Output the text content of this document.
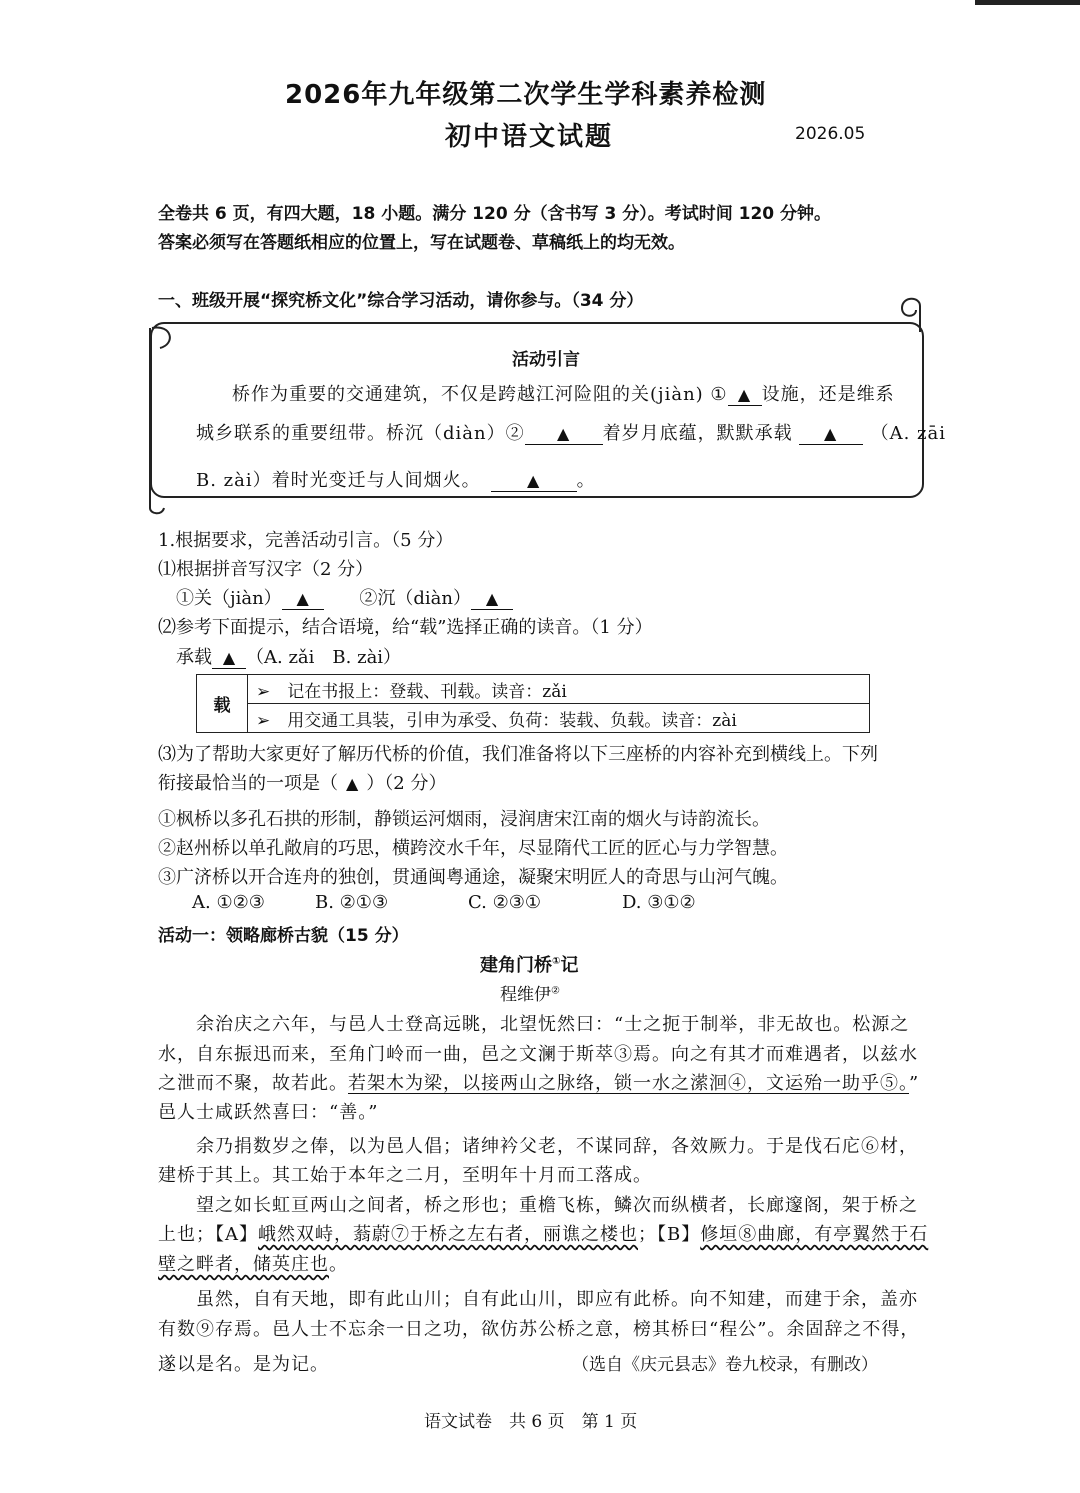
2026年九年级第二次学生学科素养检测
初中语文试题	2026.05
全卷共 6 页，有四大题，18 小题。满分 120 分（含书写 3 分）。考试时间 120 分钟。
答案必须写在答题纸相应的位置上，写在试题卷、草稿纸上的均无效。
一、班级开展“探究桥文化”综合学习活动，请你参与。（34 分）
活动引言
桥作为重要的交通建筑，不仅是跨越江河险阻的关(jiàn) ① ▲ 设施，还是维系
城乡联系的重要纽带。桥沉（diàn）② ▲ 着岁月底蕴，默默承载 ▲ （A. zāi
B. zài）着时光变迁与人间烟火。	▲ 。
1.根据要求，完善活动引言。（5 分）
⑴根据拼音写汉字（2 分）
①关（jiàn） ▲	②沉（diàn） ▲
⑵参考下面提示，结合语境，给“载”选择正确的读音。（1 分）
承载 ▲ （A. zǎi　B. zài）
载	➢　记在书报上：登载、刊载。读音：zǎi
➢　用交通工具装，引申为承受、负荷：装载、负载。读音：zài
⑶为了帮助大家更好了解历代桥的价值，我们准备将以下三座桥的内容补充到横线上。下列
衔接最恰当的一项是（ ▲ ）（2 分）
①枫桥以多孔石拱的形制，静锁运河烟雨，浸润唐宋江南的烟火与诗韵流长。
②赵州桥以单孔敞肩的巧思，横跨洨水千年，尽显隋代工匠的匠心与力学智慧。
③广济桥以开合连舟的独创，贯通闽粤通途，凝聚宋明匠人的奇思与山河气魄。
A. ①②③	B. ②①③	C. ②③①	D. ③①②
活动一：领略廊桥古貌（15 分）
建角门桥①记
程维伊②
余治庆之六年，与邑人士登高远眺，北望怃然曰：“士之扼于制举，非无故也。松源之
水，自东振迅而来，至角门岭而一曲，邑之文澜于斯萃③焉。向之有其才而难遇者，以兹水
之泄而不聚，故若此。若架木为梁，以接两山之脉络，锁一水之潆洄④，文运殆一助乎⑤。”
邑人士咸跃然喜曰：“善。”
余乃捐数岁之俸，以为邑人倡；诸绅衿父老，不谋同辞，各效厥力。于是伐石庀⑥材，
建桥于其上。其工始于本年之二月，至明年十月而工落成。
望之如长虹亘两山之间者，桥之形也；重檐飞栋，鳞次而纵横者，长廊邃阁，架于桥之
上也；【A】峨然双峙，蓊蔚⑦于桥之左右者，丽谯之楼也；【B】修垣⑧曲廊，有亭翼然于石
壁之畔者，储英庄也。
虽然，自有天地，即有此山川；自有此山川，即应有此桥。向不知建，而建于余，盖亦
有数⑨存焉。邑人士不忘余一日之功，欲仿苏公桥之意，榜其桥曰“程公”。余固辞之不得，
遂以是名。是为记。	（选自《庆元县志》卷九校录，有删改）
语文试卷　共 6 页　第 1 页
